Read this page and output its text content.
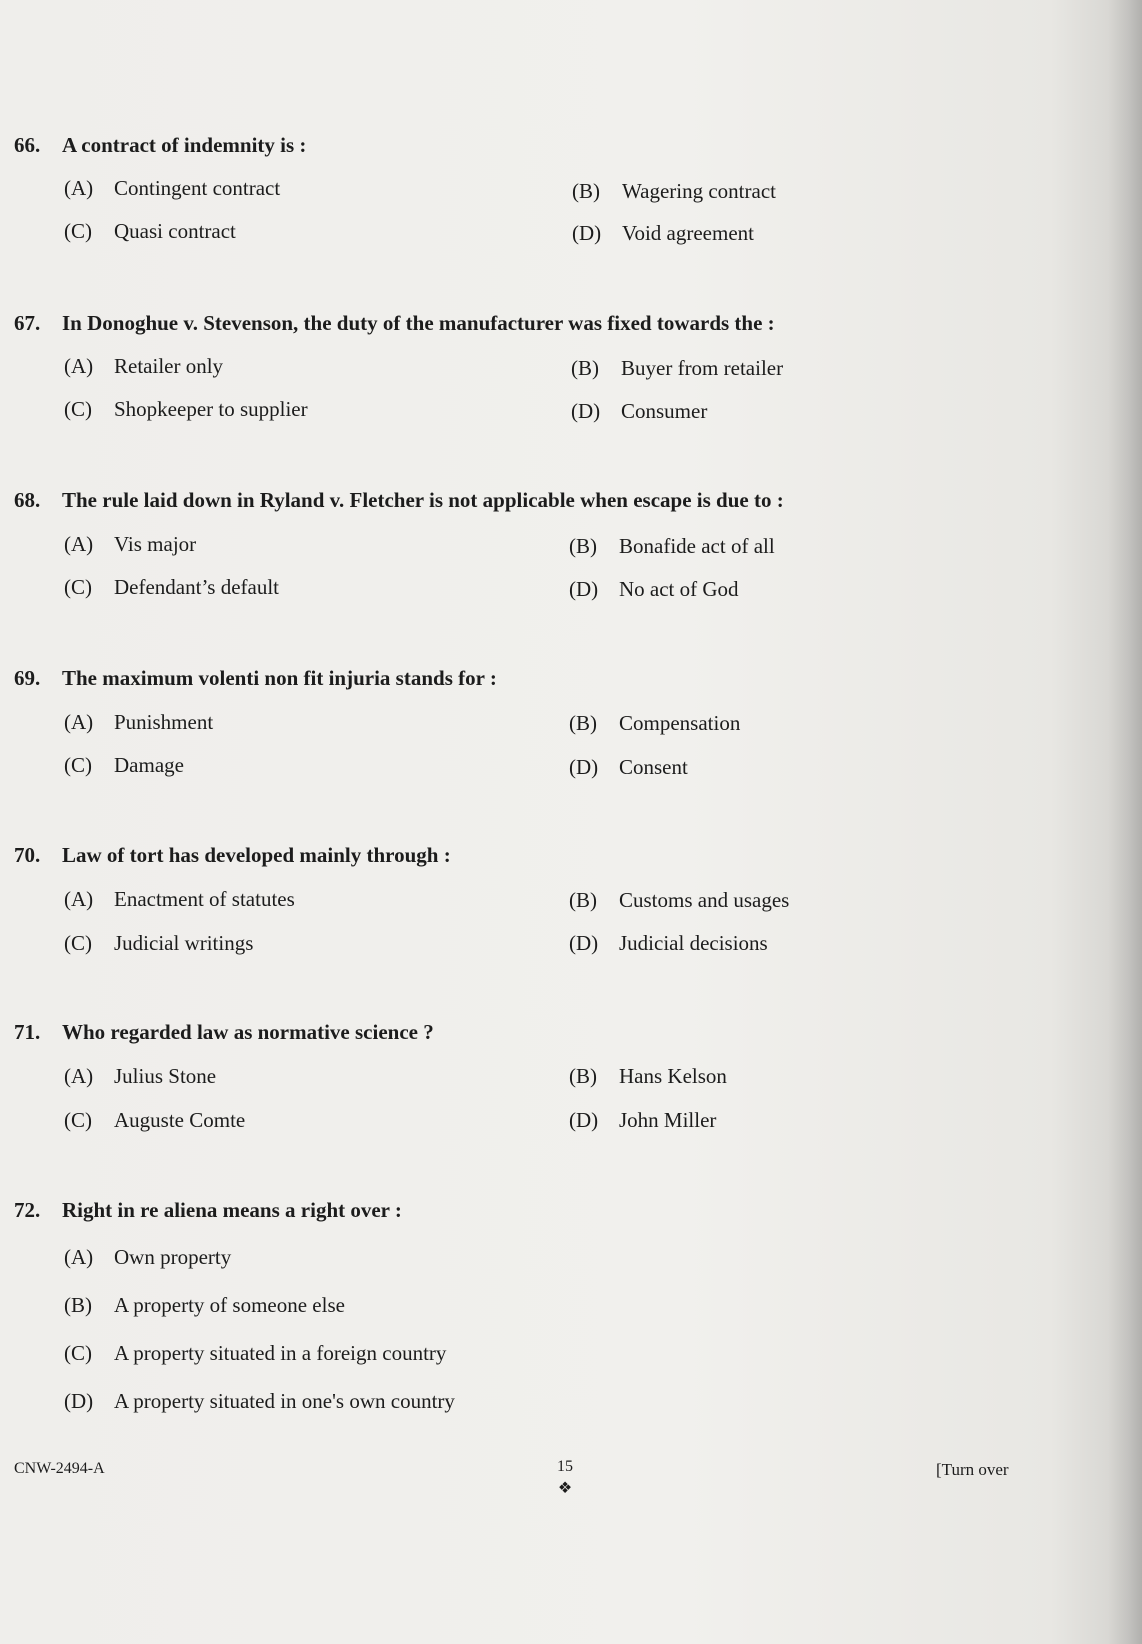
66. A contract of indemnity is :
(A) Contingent contract	(B) Wagering contract
(C) Quasi contract	(D) Void agreement
67. In Donoghue v. Stevenson, the duty of the manufacturer was fixed towards the :
(A) Retailer only	(B) Buyer from retailer
(C) Shopkeeper to supplier	(D) Consumer
68. The rule laid down in Ryland v. Fletcher is not applicable when escape is due to :
(A) Vis major	(B) Bonafide act of all
(C) Defendant’s default	(D) No act of God
69. The maximum volenti non fit injuria stands for :
(A) Punishment	(B) Compensation
(C) Damage	(D) Consent
70. Law of tort has developed mainly through :
(A) Enactment of statutes	(B) Customs and usages
(C) Judicial writings	(D) Judicial decisions
71. Who regarded law as normative science ?
(A) Julius Stone	(B) Hans Kelson
(C) Auguste Comte	(D) John Miller
72. Right in re aliena means a right over :
(A) Own property
(B) A property of someone else
(C) A property situated in a foreign country
(D) A property situated in one's own country
CNW-2494-A	15
❖
[Turn over
